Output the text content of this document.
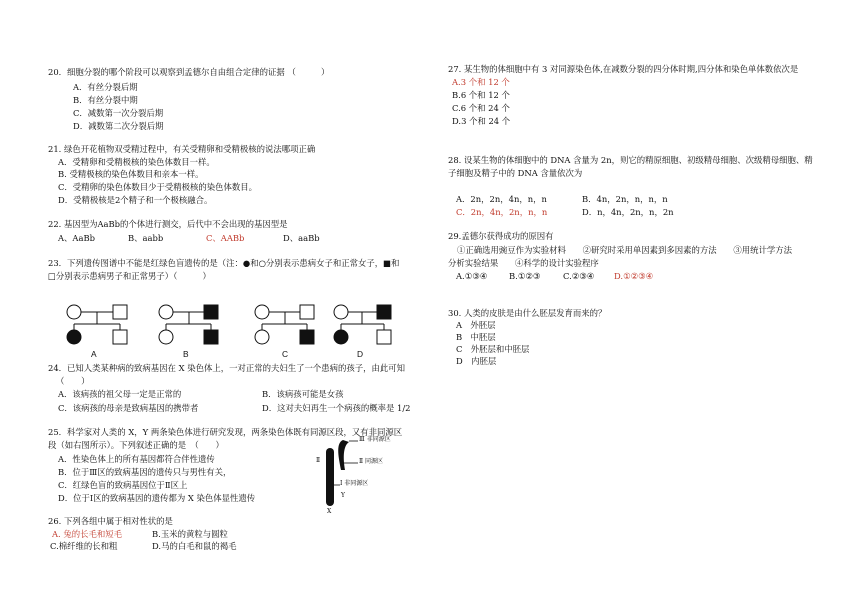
20．细胞分裂的哪个阶段可以观察到孟德尔自由组合定律的证据 （　　　）
A．有丝分裂后期
B．有丝分裂中期
C．减数第一次分裂后期
D．减数第二次分裂后期
21. 绿色开花植物双受精过程中，有关受精卵和受精极核的说法哪项正确
A．受精卵和受精极核的染色体数目一样。
B. 受精极核的染色体数目和亲本一样。
C．受精卵的染色体数目少于受精极核的染色体数目。
D．受精极核是2个精子和一个极核融合。
22. 基因型为AaBb的个体进行测交，后代中不会出现的基因型是
A、AaBb	B、aabb	C、AABb	D、aaBb
23．下列遗传图谱中不能是红绿色盲遗传的是（注：●和○分别表示患病女子和正常女子，■和
□分别表示患病男子和正常男子）（　　　）
A	B	C	D
24．已知人类某种病的致病基因在 X 染色体上，一对正常的夫妇生了一个患病的孩子，由此可知
（　　）
A．该病孩的祖父母一定是正常的	B．该病孩可能是女孩
C．该病孩的母亲是致病基因的携带者	D．这对夫妇再生一个病孩的概率是 1/2
25．科学家对人类的 X，Y 两条染色体进行研究发现，两条染色体既有同源区段，又有非同源区
段（如右图所示）。下列叙述正确的是　（　　）
A．性染色体上的所有基因都符合伴性遗传
B．位于Ⅲ区的致病基因的遗传只与男性有关，
C．红绿色盲的致病基因位于Ⅱ区上
D．位于Ⅰ区的致病基因的遗传都为 X 染色体显性遗传
Ⅲ 非同源区
Ⅱ 同源区
Ⅰ 非同源区
Ⅱ
X
Y
26. 下列各组中属于相对性状的是
A. 兔的长毛和短毛	B.玉米的黄粒与圆粒
C.棉纤维的长和粗	D.马的白毛和鼠的褐毛
27. 某生物的体细胞中有 3 对同源染色体,在减数分裂的四分体时期,四分体和染色单体数依次是
A.3 个和 12 个
B.6 个和 12 个
C.6 个和 24 个
D.3 个和 24 个
28. 设某生物的体细胞中的 DNA 含量为 2n，则它的精原细胞、初级精母细胞、次级精母细胞、精
子细胞及精子中的 DNA 含量依次为
A．2n，2n，4n，n，n	B．4n，2n，n，n，n
C．2n，4n，2n，n，n	D．n，4n，2n，n，2n
29.孟德尔获得成功的原因有
①正确选用豌豆作为实验材料　　②研究时采用单因素到多因素的方法　　③用统计学方法
分析实验结果　　④科学的设计实验程序
A.①③④	B.①②③	C.②③④ D.①②③④
30. 人类的皮肤是由什么胚层发育而来的？
A　外胚层
B　中胚层
C　外胚层和中胚层
D　内胚层
